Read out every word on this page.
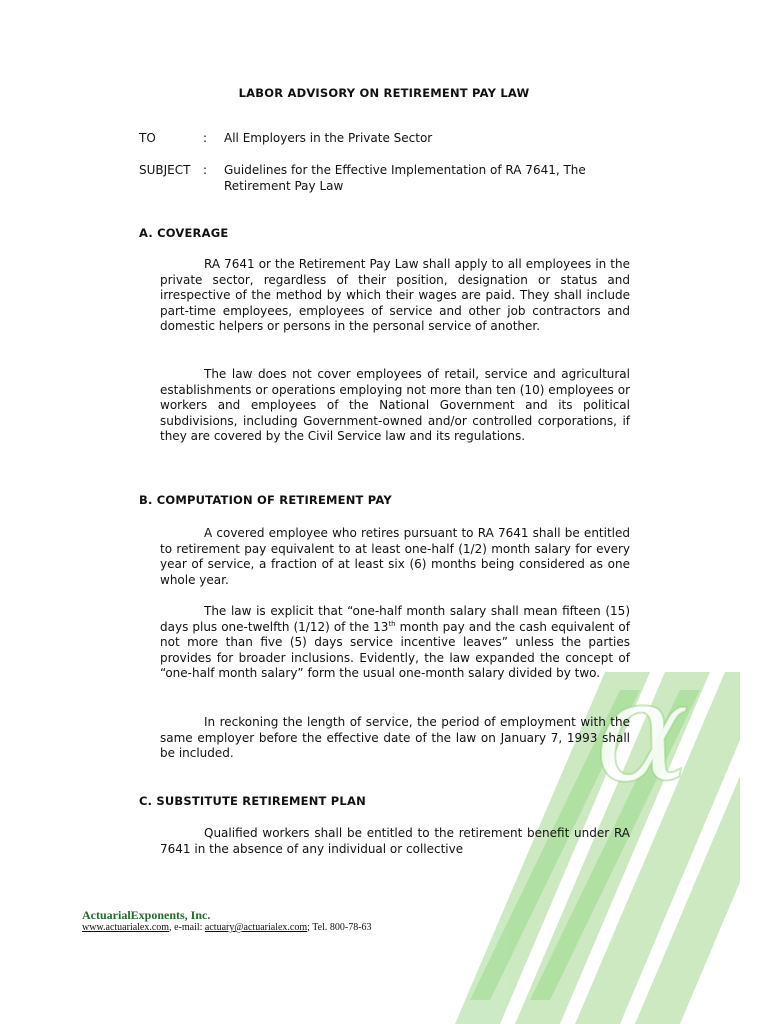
α
LABOR ADVISORY ON RETIREMENT PAY LAW
TO	: All Employers in the Private Sector
SUBJECT : Guidelines for the Effective Implementation of RA 7641, The Retirement Pay Law
A. COVERAGE

RA 7641 or the Retirement Pay Law shall apply to all employees in the private sector, regardless of their position, designation or status and irrespective of the method by which their wages are paid. They shall include part-time employees, employees of service and other job contractors and domestic helpers or persons in the personal service of another.

The law does not cover employees of retail, service and agricultural establishments or operations employing not more than ten (10) employees or workers and employees of the National Government and its political subdivisions, including Government-owned and/or controlled corporations, if they are covered by the Civil Service law and its regulations.

B. COMPUTATION OF RETIREMENT PAY

A covered employee who retires pursuant to RA 7641 shall be entitled to retirement pay equivalent to at least one-half (1/2) month salary for every year of service, a fraction of at least six (6) months being considered as one whole year.

The law is explicit that “one-half month salary shall mean fifteen (15) days plus one-twelfth (1/12) of the 13th month pay and the cash equivalent of not more than five (5) days service incentive leaves” unless the parties provides for broader inclusions. Evidently, the law expanded the concept of “one-half month salary” form the usual one-month salary divided by two.

In reckoning the length of service, the period of employment with the same employer before the effective date of the law on January 7, 1993 shall be included.

C. SUBSTITUTE RETIREMENT PLAN

Qualified workers shall be entitled to the retirement benefit under RA 7641 in the absence of any individual or collective

ActuarialExponents, Inc.
www.actuarialex.com, e-mail: actuary@actuarialex.com; Tel. 800-78-63
